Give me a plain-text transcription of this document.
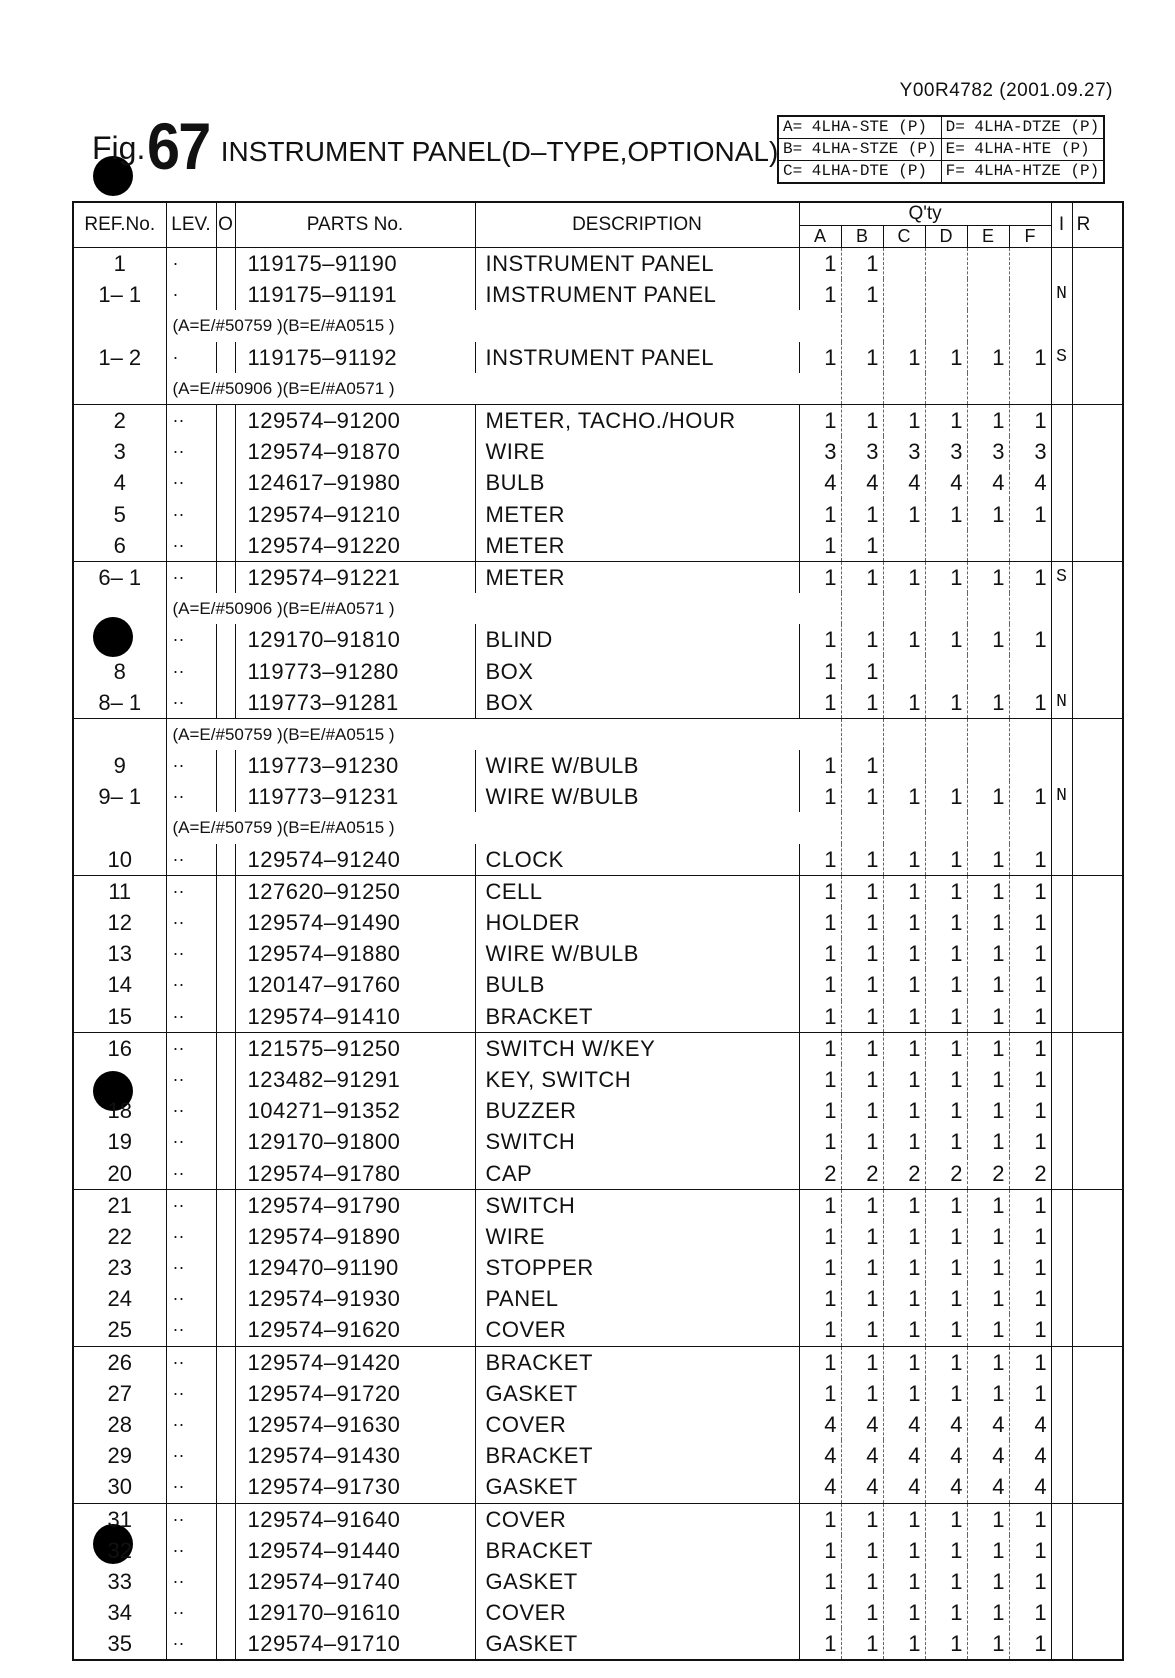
Y00R4782 (2001.09.27)
Fig. 67 INSTRUMENT PANEL(D–TYPE,OPTIONAL)
A= 4LHA-STE (P)	D= 4LHA-DTZE (P)
B= 4LHA-STZE (P)	E= 4LHA-HTE (P)
C= 4LHA-DTE (P)	F= 4LHA-HTZE (P)
REF.No.	LEV.	O	PARTS No.	DESCRIPTION	Q'ty						I	R
					A	B	C	D	E	F		
1	·		119175–91190	INSTRUMENT PANEL	1	1						
1– 1	·		119175–91191	IMSTRUMENT PANEL	1	1					N	
	(A=E/#50759 )(B=E/#A0515 )											
1– 2	·		119175–91192	INSTRUMENT PANEL	1	1	1	1	1	1	S	
	(A=E/#50906 )(B=E/#A0571 )											
2	··		129574–91200	METER, TACHO./HOUR	1	1	1	1	1	1		
3	··		129574–91870	WIRE	3	3	3	3	3	3		
4	··		124617–91980	BULB	4	4	4	4	4	4		
5	··		129574–91210	METER	1	1	1	1	1	1		
6	··		129574–91220	METER	1	1						
6– 1	··		129574–91221	METER	1	1	1	1	1	1	S	
	(A=E/#50906 )(B=E/#A0571 )											
	··		129170–91810	BLIND	1	1	1	1	1	1		
8	··		119773–91280	BOX	1	1						
8– 1	··		119773–91281	BOX	1	1	1	1	1	1	N	
	(A=E/#50759 )(B=E/#A0515 )											
9	··		119773–91230	WIRE W/BULB	1	1						
9– 1	··		119773–91231	WIRE W/BULB	1	1	1	1	1	1	N	
	(A=E/#50759 )(B=E/#A0515 )											
10	··		129574–91240	CLOCK	1	1	1	1	1	1		
11	··		127620–91250	CELL	1	1	1	1	1	1		
12	··		129574–91490	HOLDER	1	1	1	1	1	1		
13	··		129574–91880	WIRE W/BULB	1	1	1	1	1	1		
14	··		120147–91760	BULB	1	1	1	1	1	1		
15	··		129574–91410	BRACKET	1	1	1	1	1	1		
16	··		121575–91250	SWITCH W/KEY	1	1	1	1	1	1		
	··		123482–91291	KEY, SWITCH	1	1	1	1	1	1		
18	··		104271–91352	BUZZER	1	1	1	1	1	1		
19	··		129170–91800	SWITCH	1	1	1	1	1	1		
20	··		129574–91780	CAP	2	2	2	2	2	2		
21	··		129574–91790	SWITCH	1	1	1	1	1	1		
22	··		129574–91890	WIRE	1	1	1	1	1	1		
23	··		129470–91190	STOPPER	1	1	1	1	1	1		
24	··		129574–91930	PANEL	1	1	1	1	1	1		
25	··		129574–91620	COVER	1	1	1	1	1	1		
26	··		129574–91420	BRACKET	1	1	1	1	1	1		
27	··		129574–91720	GASKET	1	1	1	1	1	1		
28	··		129574–91630	COVER	4	4	4	4	4	4		
29	··		129574–91430	BRACKET	4	4	4	4	4	4		
30	··		129574–91730	GASKET	4	4	4	4	4	4		
31	··		129574–91640	COVER	1	1	1	1	1	1		
32	··		129574–91440	BRACKET	1	1	1	1	1	1		
33	··		129574–91740	GASKET	1	1	1	1	1	1		
34	··		129170–91610	COVER	1	1	1	1	1	1		
35	··		129574–91710	GASKET	1	1	1	1	1	1		
